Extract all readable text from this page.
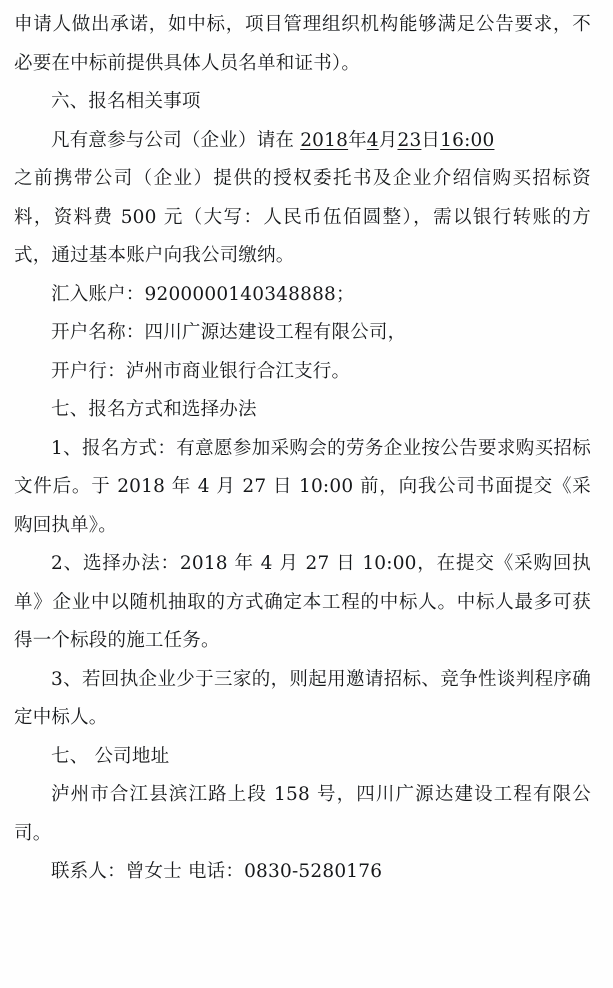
申请人做出承诺，如中标，项目管理组织机构能够满足公告要求，不必要在中标前提供具体人员名单和证书）。

六、报名相关事项

凡有意参与公司（企业）请在 2018年4月23日16:00

之前携带公司（企业）提供的授权委托书及企业介绍信购买招标资料，资料费 500 元（大写：人民币伍佰圆整），需以银行转账的方式，通过基本账户向我公司缴纳。

汇入账户：9200000140348888；

开户名称：四川广源达建设工程有限公司，

开户行：泸州市商业银行合江支行。

七、报名方式和选择办法

1、报名方式：有意愿参加采购会的劳务企业按公告要求购买招标文件后。于 2018 年 4 月 27 日 10:00 前，向我公司书面提交《采购回执单》。

2、选择办法：2018 年 4 月 27 日 10:00，在提交《采购回执单》企业中以随机抽取的方式确定本工程的中标人。中标人最多可获得一个标段的施工任务。

3、若回执企业少于三家的，则起用邀请招标、竞争性谈判程序确定中标人。

七、 公司地址

泸州市合江县滨江路上段 158 号，四川广源达建设工程有限公司。

联系人：曾女士 电话：0830-5280176
